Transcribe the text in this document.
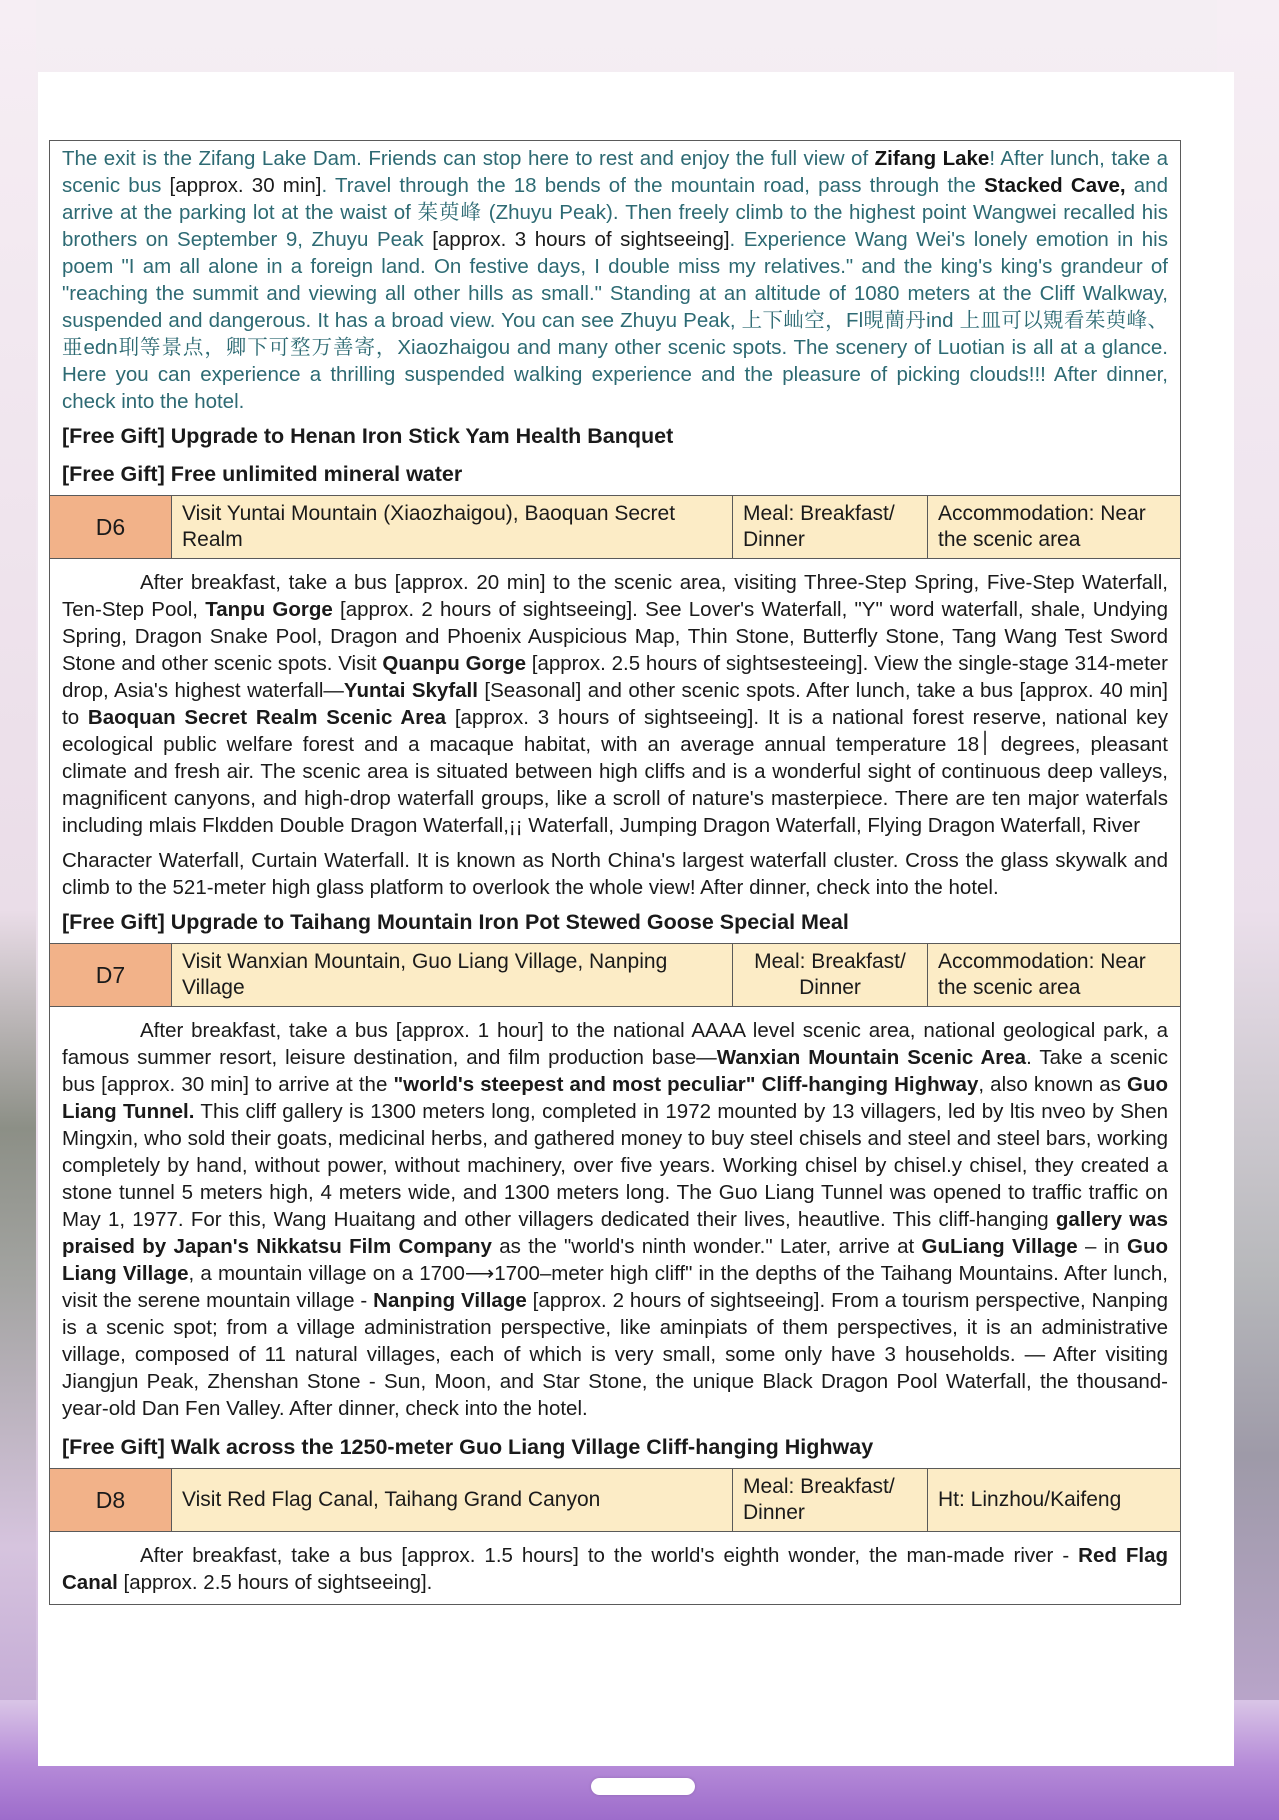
The exit is the Zifang Lake Dam. Friends can stop here to rest and enjoy the full view of Zifang Lake! After lunch, take a scenic bus [approx. 30 min]. Travel through the 18 bends of the mountain road, pass through the Stacked Cave, and arrive at the parking lot at the waist of 茱萸峰 (Zhuyu Peak). Then freely climb to the highest point Wangwei recalled his brothers on September 9, Zhuyu Peak [approx. 3 hours of sightseeing]. Experience Wang Wei's lonely emotion in his poem "I am all alone in a foreign land. On festive days, I double miss my relatives." and the king's king's grandeur of "reaching the summit and viewing all other hills as small." Standing at an altitude of 1080 meters at the Cliff Walkway, suspended and dangerous. It has a broad view. You can see Zhuyu Peak, 上下屾空，Fl晛蕳丹ind 上皿可以覭看茱萸峰、亜edn刵等景点，卿下可堥万善寄，Xiaozhaigou and many other scenic spots. The scenery of Luotian is all at a glance. Here you can experience a thrilling suspended walking experience and the pleasure of picking clouds!!! After dinner, check into the hotel.
[Free Gift] Upgrade to Henan Iron Stick Yam Health Banquet
[Free Gift] Free unlimited mineral water
D6
Visit Yuntai Mountain (Xiaozhaigou), Baoquan Secret Realm
Meal: Breakfast/ Dinner
Accommodation: Near the scenic area
After breakfast, take a bus [approx. 20 min] to the scenic area, visiting Three-Step Spring, Five-Step Waterfall, Ten-Step Pool, Tanpu Gorge [approx. 2 hours of sightseeing]. See Lover's Waterfall, "Y" word waterfall, shale, Undying Spring, Dragon Snake Pool, Dragon and Phoenix Auspicious Map, Thin Stone, Butterfly Stone, Tang Wang Test Sword Stone and other scenic spots. Visit Quanpu Gorge [approx. 2.5 hours of sightsesteeing]. View the single-stage 314-meter drop, Asia's highest waterfall—Yuntai Skyfall [Seasonal] and other scenic spots. After lunch, take a bus [approx. 40 min] to Baoquan Secret Realm Scenic Area [approx. 3 hours of sightseeing]. It is a national forest reserve, national key ecological public welfare forest and a macaque habitat, with an average annual temperature ׀18 degrees, pleasant climate and fresh air. The scenic area is situated between high cliffs and is a wonderful sight of continuous deep valleys, magnificent canyons, and high-drop waterfall groups, like a scroll of nature's masterpiece. There are ten major waterfals including mlais Flкdden Double Dragon Waterfall,¡¡ Waterfall, Jumping Dragon Waterfall, Flying Dragon Waterfall, River
Character Waterfall, Curtain Waterfall. It is known as North China's largest waterfall cluster. Cross the glass skywalk and climb to the 521-meter high glass platform to overlook the whole view! After dinner, check into the hotel.
[Free Gift] Upgrade to Taihang Mountain Iron Pot Stewed Goose Special Meal
D7
Visit Wanxian Mountain, Guo Liang Village, Nanping Village
Meal: Breakfast/ Dinner
Accommodation: Near the scenic area
After breakfast, take a bus [approx. 1 hour] to the national AAAA level scenic area, national geological park, a famous summer resort, leisure destination, and film production base—Wanxian Mountain Scenic Area. Take a scenic bus [approx. 30 min] to arrive at the "world's steepest and most peculiar" Cliff-hanging Highway, also known as Guo Liang Tunnel. This cliff gallery is 1300 meters long, completed in 1972 mounted by 13 villagers, led by ltis nveo by Shen Mingxin, who sold their goats, medicinal herbs, and gathered money to buy steel chisels and steel and steel bars, working completely by hand, without power, without machinery, over five years. Working chisel by chisel.y chisel, they created a stone tunnel 5 meters high, 4 meters wide, and 1300 meters long. The Guo Liang Tunnel was opened to traffic traffic on May 1, 1977. For this, Wang Huaitang and other villagers dedicated their lives, heautlive. This cliff-hanging gallery was praised by Japan's Nikkatsu Film Company as the "world's ninth wonder." Later, arrive at GuLiang Village – in Guo Liang Village, a mountain village on a 1700⟶1700–meter high cliff" in the depths of the Taihang Mountains. After lunch, visit the serene mountain village - Nanping Village [approx. 2 hours of sightseeing]. From a tourism perspective, Nanping is a scenic spot; from a village administration perspective, like aminpiats of them perspectives, it is an administrative village, composed of 11 natural villages, each of which is very small, some only have 3 households. — After visiting Jiangjun Peak, Zhenshan Stone - Sun, Moon, and Star Stone, the unique Black Dragon Pool Waterfall, the thousand-year-old Dan Fen Valley. After dinner, check into the hotel.
[Free Gift] Walk across the 1250-meter Guo Liang Village Cliff-hanging Highway
D8	Visit Red Flag Canal, Taihang Grand Canyon
Meal: Breakfast/ Dinner
Ht: Linzhou/Kaifeng
After breakfast, take a bus [approx. 1.5 hours] to the world's eighth wonder, the man-made river - Red Flag Canal [approx. 2.5 hours of sightseeing].
